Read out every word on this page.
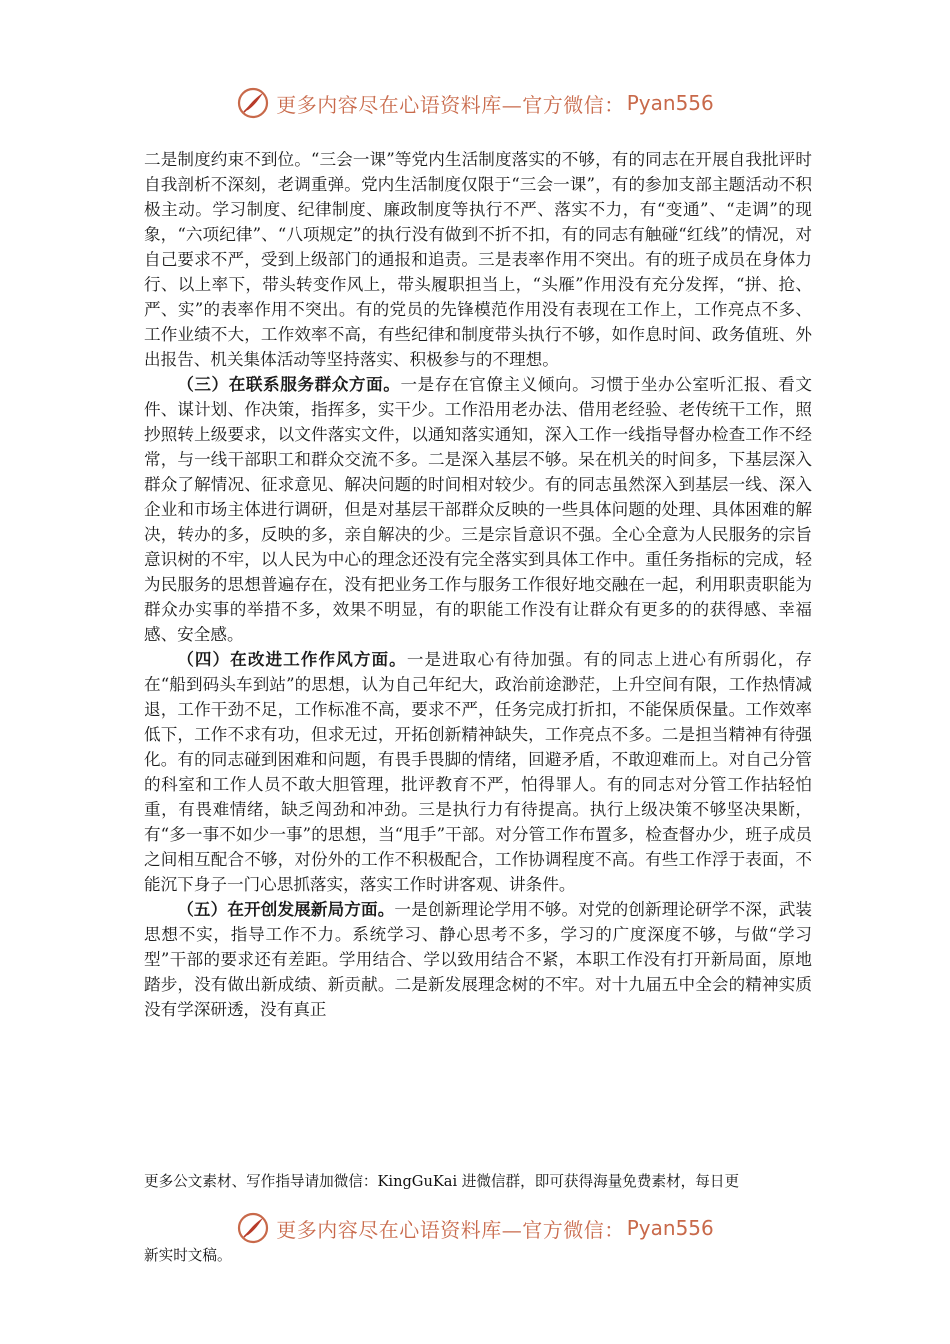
更多内容尽在心语资料库—官方微信： Pyan556

二是制度约束不到位。“三会一课”等党内生活制度落实的不够，有的同志在开展自我批评时自我剖析不深刻，老调重弹。党内生活制度仅限于“三会一课”，有的参加支部主题活动不积极主动。学习制度、纪律制度、廉政制度等执行不严、落实不力，有“变通”、“走调”的现象，“六项纪律”、“八项规定”的执行没有做到不折不扣，有的同志有触碰“红线”的情况，对自己要求不严，受到上级部门的通报和追责。三是表率作用不突出。有的班子成员在身体力行、以上率下，带头转变作风上，带头履职担当上，“头雁”作用没有充分发挥，“拼、抢、严、实”的表率作用不突出。有的党员的先锋模范作用没有表现在工作上，工作亮点不多、工作业绩不大，工作效率不高，有些纪律和制度带头执行不够，如作息时间、政务值班、外出报告、机关集体活动等坚持落实、积极参与的不理想。

（三）在联系服务群众方面。一是存在官僚主义倾向。习惯于坐办公室听汇报、看文件、谋计划、作决策，指挥多，实干少。工作沿用老办法、借用老经验、老传统干工作，照抄照转上级要求，以文件落实文件，以通知落实通知，深入工作一线指导督办检查工作不经常，与一线干部职工和群众交流不多。二是深入基层不够。呆在机关的时间多，下基层深入群众了解情况、征求意见、解决问题的时间相对较少。有的同志虽然深入到基层一线、深入企业和市场主体进行调研，但是对基层干部群众反映的一些具体问题的处理、具体困难的解决，转办的多，反映的多，亲自解决的少。三是宗旨意识不强。全心全意为人民服务的宗旨意识树的不牢，以人民为中心的理念还没有完全落实到具体工作中。重任务指标的完成，轻为民服务的思想普遍存在，没有把业务工作与服务工作很好地交融在一起，利用职责职能为群众办实事的举措不多，效果不明显，有的职能工作没有让群众有更多的的获得感、幸福感、安全感。

（四）在改进工作作风方面。一是进取心有待加强。有的同志上进心有所弱化，存在“船到码头车到站”的思想，认为自己年纪大，政治前途渺茫，上升空间有限，工作热情减退，工作干劲不足，工作标准不高，要求不严，任务完成打折扣，不能保质保量。工作效率低下，工作不求有功，但求无过，开拓创新精神缺失，工作亮点不多。二是担当精神有待强化。有的同志碰到困难和问题，有畏手畏脚的情绪，回避矛盾，不敢迎难而上。对自己分管的科室和工作人员不敢大胆管理，批评教育不严，怕得罪人。有的同志对分管工作拈轻怕重，有畏难情绪，缺乏闯劲和冲劲。三是执行力有待提高。执行上级决策不够坚决果断，有“多一事不如少一事”的思想，当“甩手”干部。对分管工作布置多，检查督办少，班子成员之间相互配合不够，对份外的工作不积极配合，工作协调程度不高。有些工作浮于表面，不能沉下身子一门心思抓落实，落实工作时讲客观、讲条件。

（五）在开创发展新局方面。一是创新理论学用不够。对党的创新理论研学不深，武装思想不实，指导工作不力。系统学习、静心思考不多，学习的广度深度不够，与做“学习型”干部的要求还有差距。学用结合、学以致用结合不紧，本职工作没有打开新局面，原地踏步，没有做出新成绩、新贡献。二是新发展理念树的不牢。对十九届五中全会的精神实质没有学深研透，没有真正

更多公文素材、写作指导请加微信：KingGuKai 进微信群，即可获得海量免费素材，每日更
更多内容尽在心语资料库—官方微信： Pyan556
新实时文稿。
